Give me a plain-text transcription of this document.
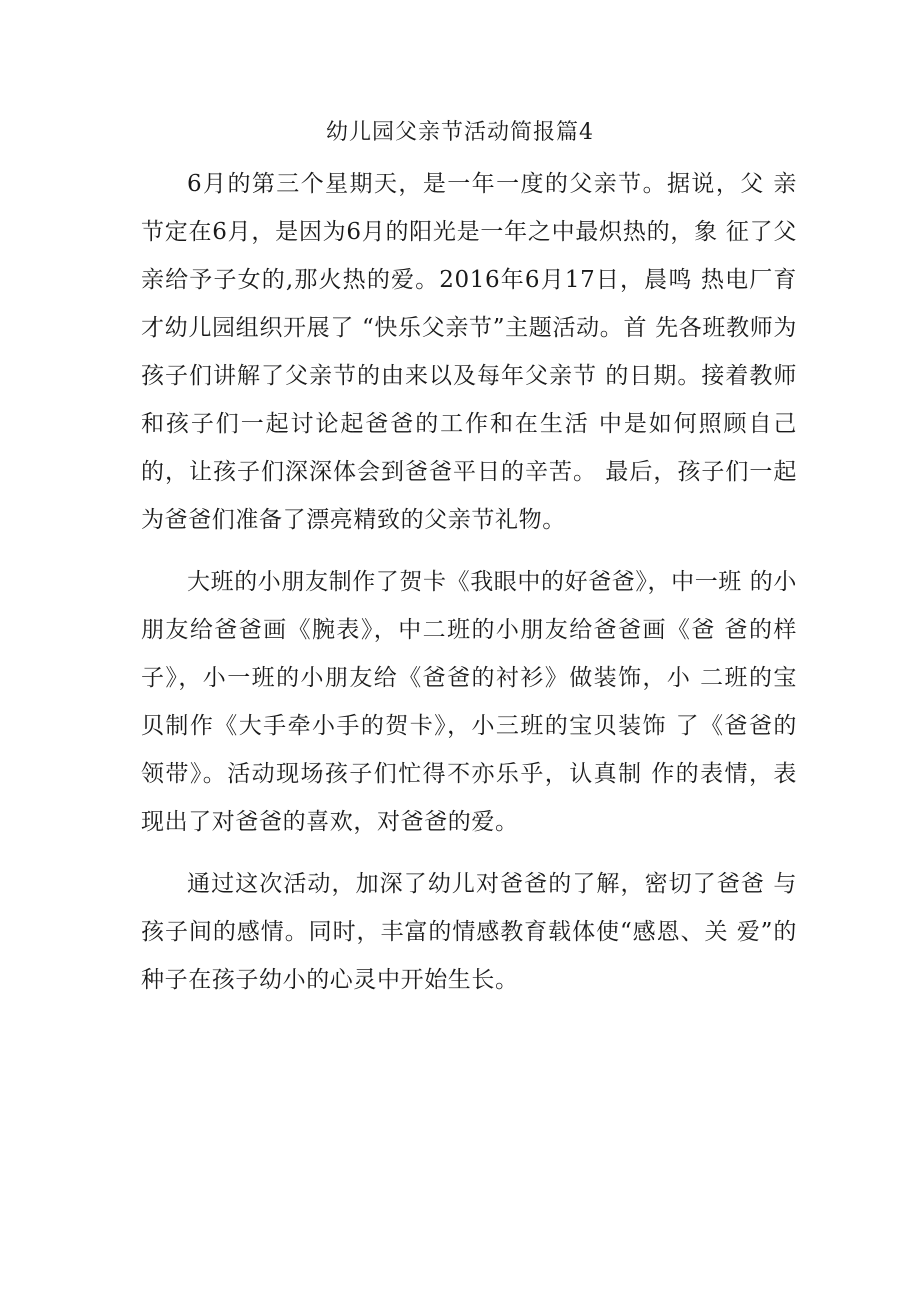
幼儿园父亲节活动简报篇4

6月的第三个星期天，是一年一度的父亲节。据说，父 亲节定在6月，是因为6月的阳光是一年之中最炽热的，象 征了父亲给予子女的,那火热的爱。2016年6月17日，晨鸣 热电厂育才幼儿园组织开展了 “快乐父亲节”主题活动。首 先各班教师为孩子们讲解了父亲节的由来以及每年父亲节 的日期。接着教师和孩子们一起讨论起爸爸的工作和在生活 中是如何照顾自己的，让孩子们深深体会到爸爸平日的辛苦。 最后，孩子们一起为爸爸们准备了漂亮精致的父亲节礼物。

大班的小朋友制作了贺卡《我眼中的好爸爸》，中一班 的小朋友给爸爸画《腕表》，中二班的小朋友给爸爸画《爸 爸的样子》，小一班的小朋友给《爸爸的衬衫》做装饰，小 二班的宝贝制作《大手牵小手的贺卡》，小三班的宝贝装饰 了《爸爸的领带》。活动现场孩子们忙得不亦乐乎，认真制 作的表情，表现出了对爸爸的喜欢，对爸爸的爱。

通过这次活动，加深了幼儿对爸爸的了解，密切了爸爸 与孩子间的感情。同时，丰富的情感教育载体使“感恩、关 爱”的种子在孩子幼小的心灵中开始生长。
